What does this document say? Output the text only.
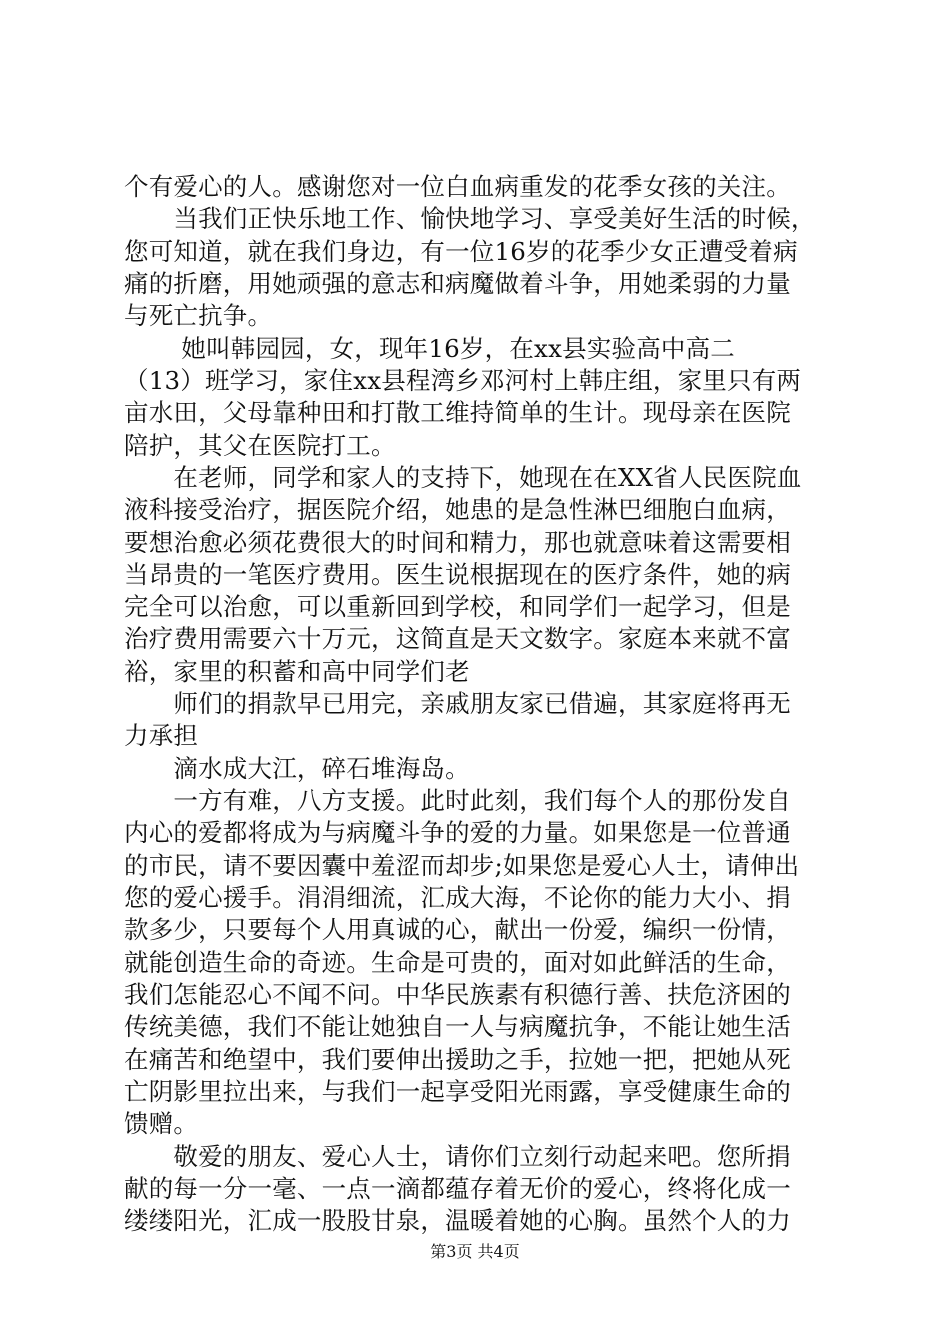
个有爱心的人。感谢您对一位白血病重发的花季女孩的关注。
　　当我们正快乐地工作、愉快地学习、享受美好生活的时候，
您可知道，就在我们身边，有一位16岁的花季少女正遭受着病
痛的折磨，用她顽强的意志和病魔做着斗争，用她柔弱的力量
与死亡抗争。
　　 她叫韩园园，女，现年16岁，在xx县实验高中高二
（13）班学习，家住xx县程湾乡邓河村上韩庄组，家里只有两
亩水田，父母靠种田和打散工维持简单的生计。现母亲在医院
陪护，其父在医院打工。
　　在老师，同学和家人的支持下，她现在在XX省人民医院血
液科接受治疗，据医院介绍，她患的是急性淋巴细胞白血病，
要想治愈必须花费很大的时间和精力，那也就意味着这需要相
当昂贵的一笔医疗费用。医生说根据现在的医疗条件，她的病
完全可以治愈，可以重新回到学校，和同学们一起学习，但是
治疗费用需要六十万元，这简直是天文数字。家庭本来就不富
裕，家里的积蓄和高中同学们老
　　师们的捐款早已用完，亲戚朋友家已借遍，其家庭将再无
力承担
　　滴水成大江，碎石堆海岛。
　　一方有难，八方支援。此时此刻，我们每个人的那份发自
内心的爱都将成为与病魔斗争的爱的力量。如果您是一位普通
的市民，请不要因囊中羞涩而却步;如果您是爱心人士，请伸出
您的爱心援手。涓涓细流，汇成大海，不论你的能力大小、捐
款多少，只要每个人用真诚的心，献出一份爱，编织一份情，
就能创造生命的奇迹。生命是可贵的，面对如此鲜活的生命，
我们怎能忍心不闻不问。中华民族素有积德行善、扶危济困的
传统美德，我们不能让她独自一人与病魔抗争，不能让她生活
在痛苦和绝望中，我们要伸出援助之手，拉她一把，把她从死
亡阴影里拉出来，与我们一起享受阳光雨露，享受健康生命的
馈赠。
　　敬爱的朋友、爱心人士，请你们立刻行动起来吧。您所捐
献的每一分一毫、一点一滴都蕴存着无价的爱心，终将化成一
缕缕阳光，汇成一股股甘泉，温暖着她的心胸。虽然个人的力
第3页 共4页
